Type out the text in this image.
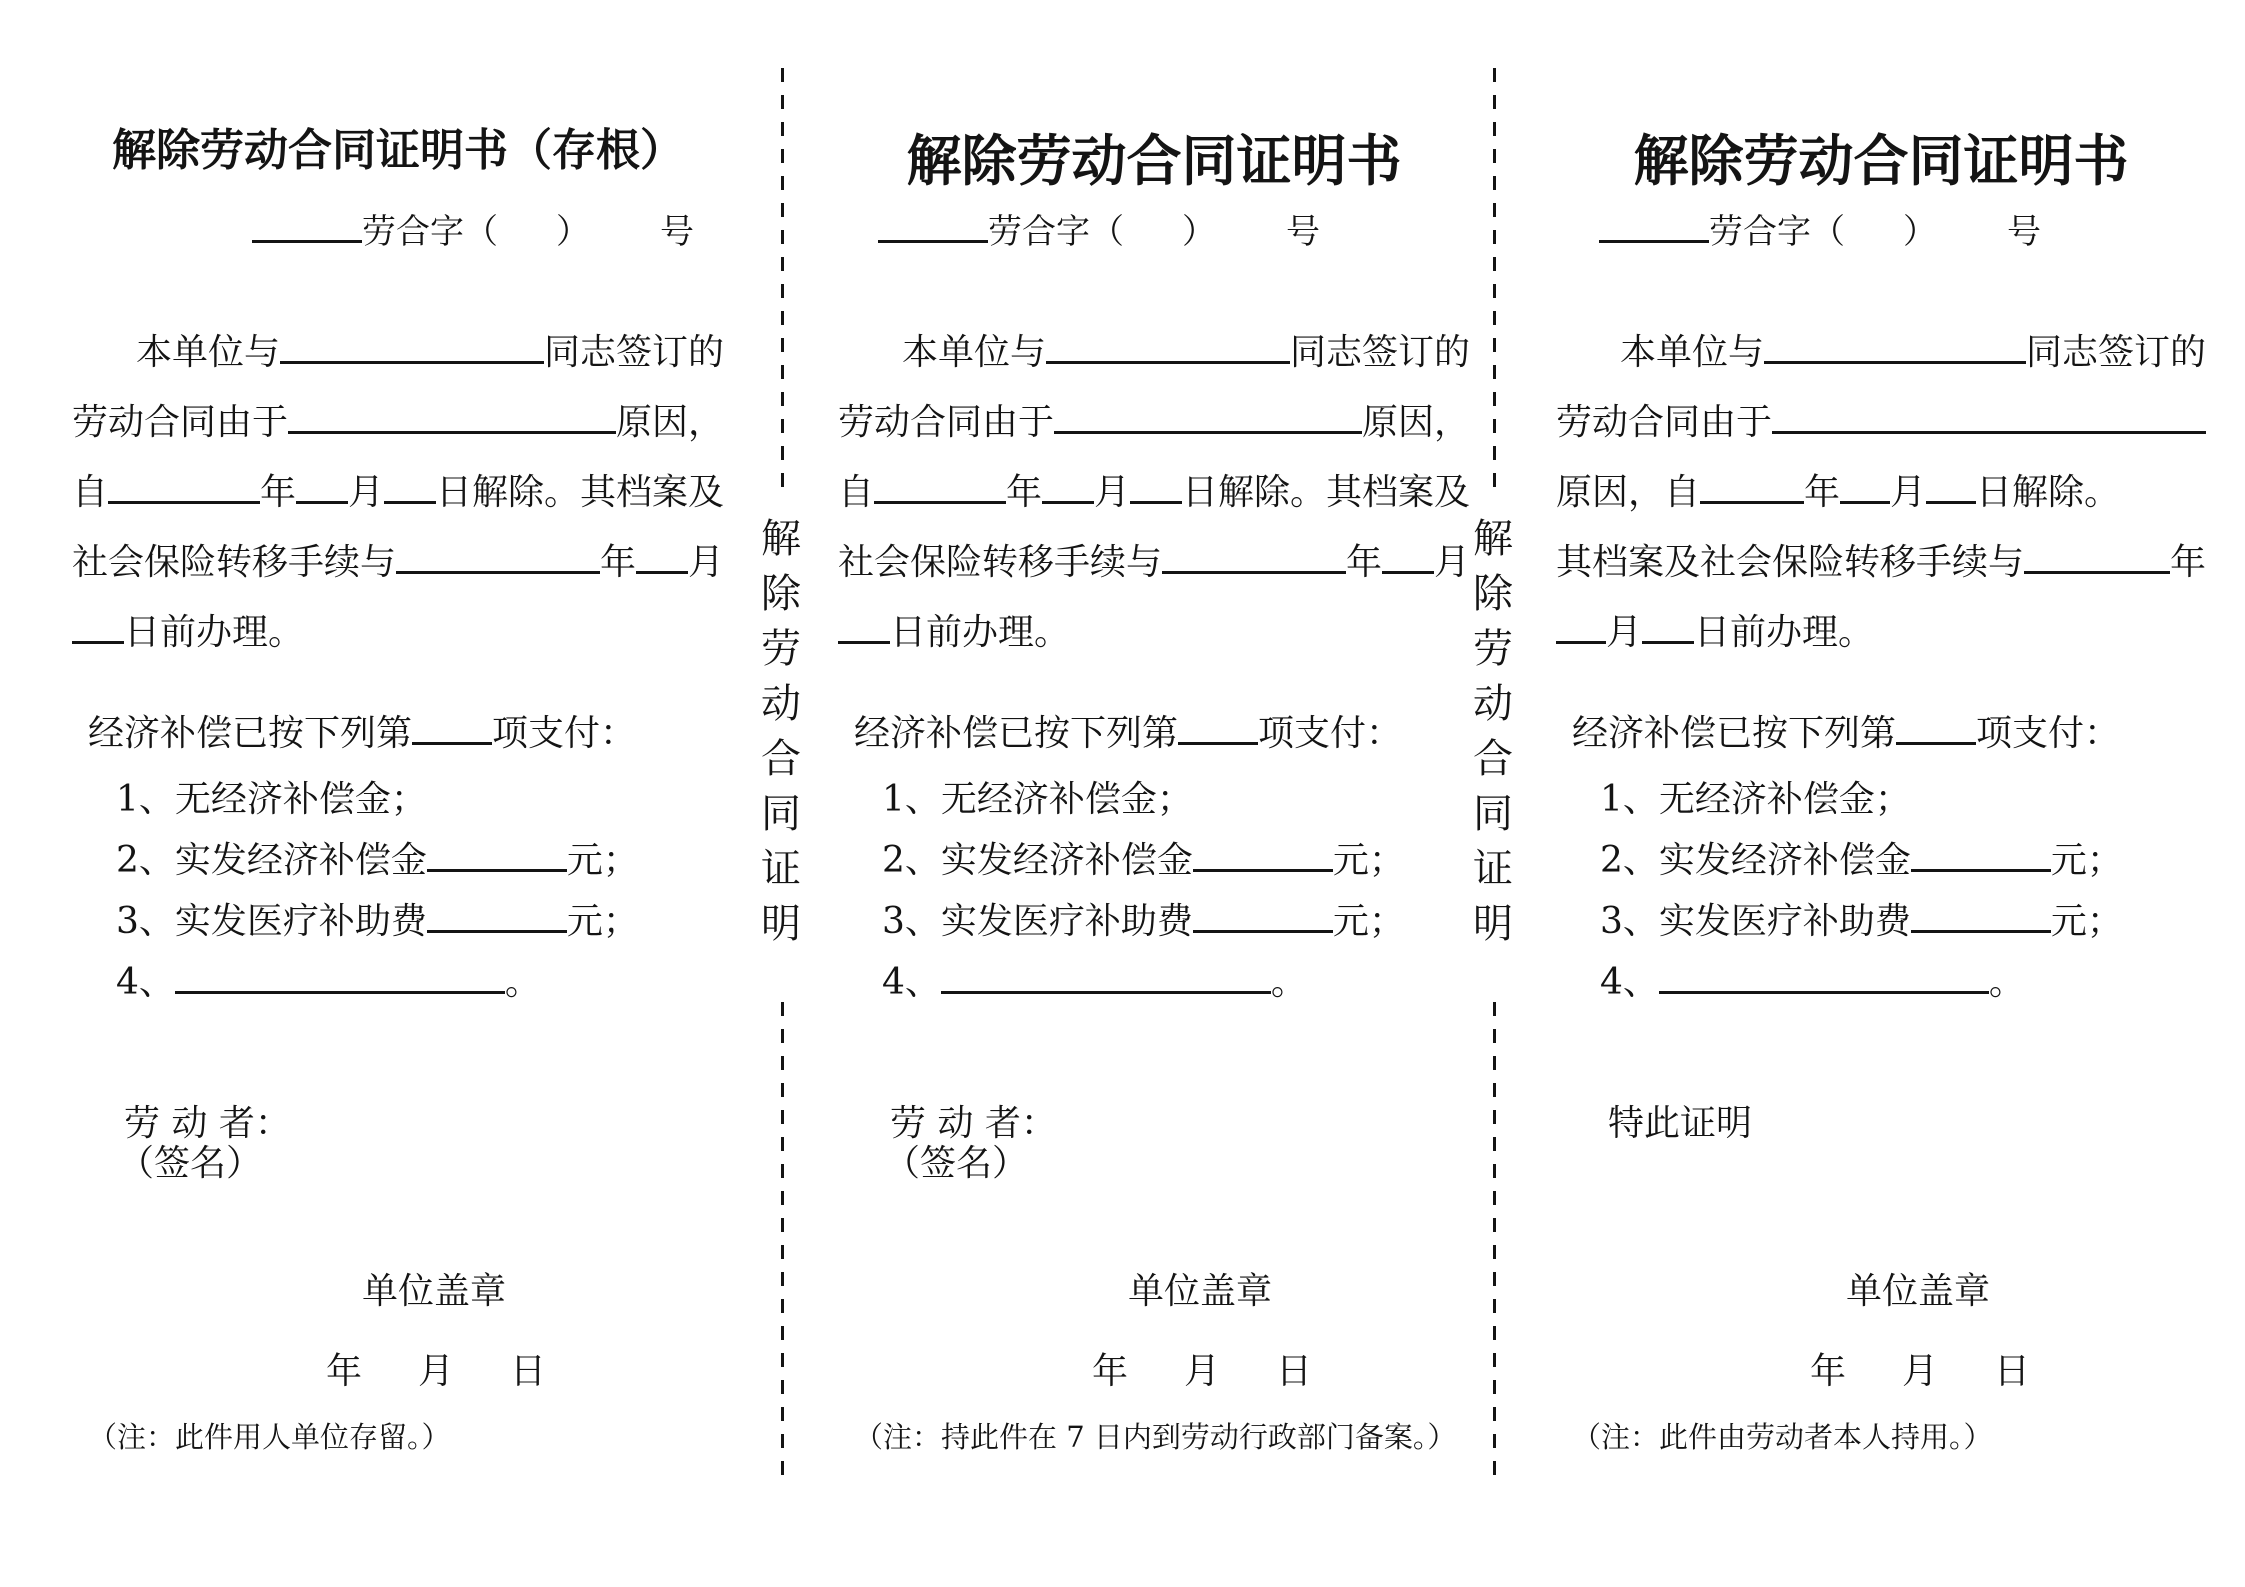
解除劳动合同证明书（存根）
劳合字（ ） 号
本单位与	同志签订的
劳动合同由于	原因，
自	年 月 日解除。其档案及
社会保险转移手续与	年 月
日前办理。
经济补偿已按下列第 项支付：
1、无经济补偿金；
2、实发经济补偿金	元；
3、实发医疗补助费	元；
4、	。
劳 动 者：
（签名）
单位盖章
年 月 日
（注：此件用人单位存留。）
解除劳动合同证明
解除劳动合同证明书
劳合字（ ） 号
本单位与	同志签订的
劳动合同由于	原因，
自	年 月 日解除。其档案及
社会保险转移手续与	年 月
日前办理。
经济补偿已按下列第 项支付：
1、无经济补偿金；
2、实发经济补偿金	元；
3、实发医疗补助费	元；
4、	。
劳 动 者：
（签名）
单位盖章
年 月 日
（注：持此件在 7 日内到劳动行政部门备案。）
解除劳动合同证明
解除劳动合同证明书
劳合字（ ） 号
本单位与	同志签订的
劳动合同由于
原因，自	年 月 日解除。
其档案及社会保险转移手续与	年
月 日前办理。
经济补偿已按下列第 项支付：
1、无经济补偿金；
2、实发经济补偿金	元；
3、实发医疗补助费	元；
4、	。
特此证明
单位盖章
年 月 日
（注：此件由劳动者本人持用。）
